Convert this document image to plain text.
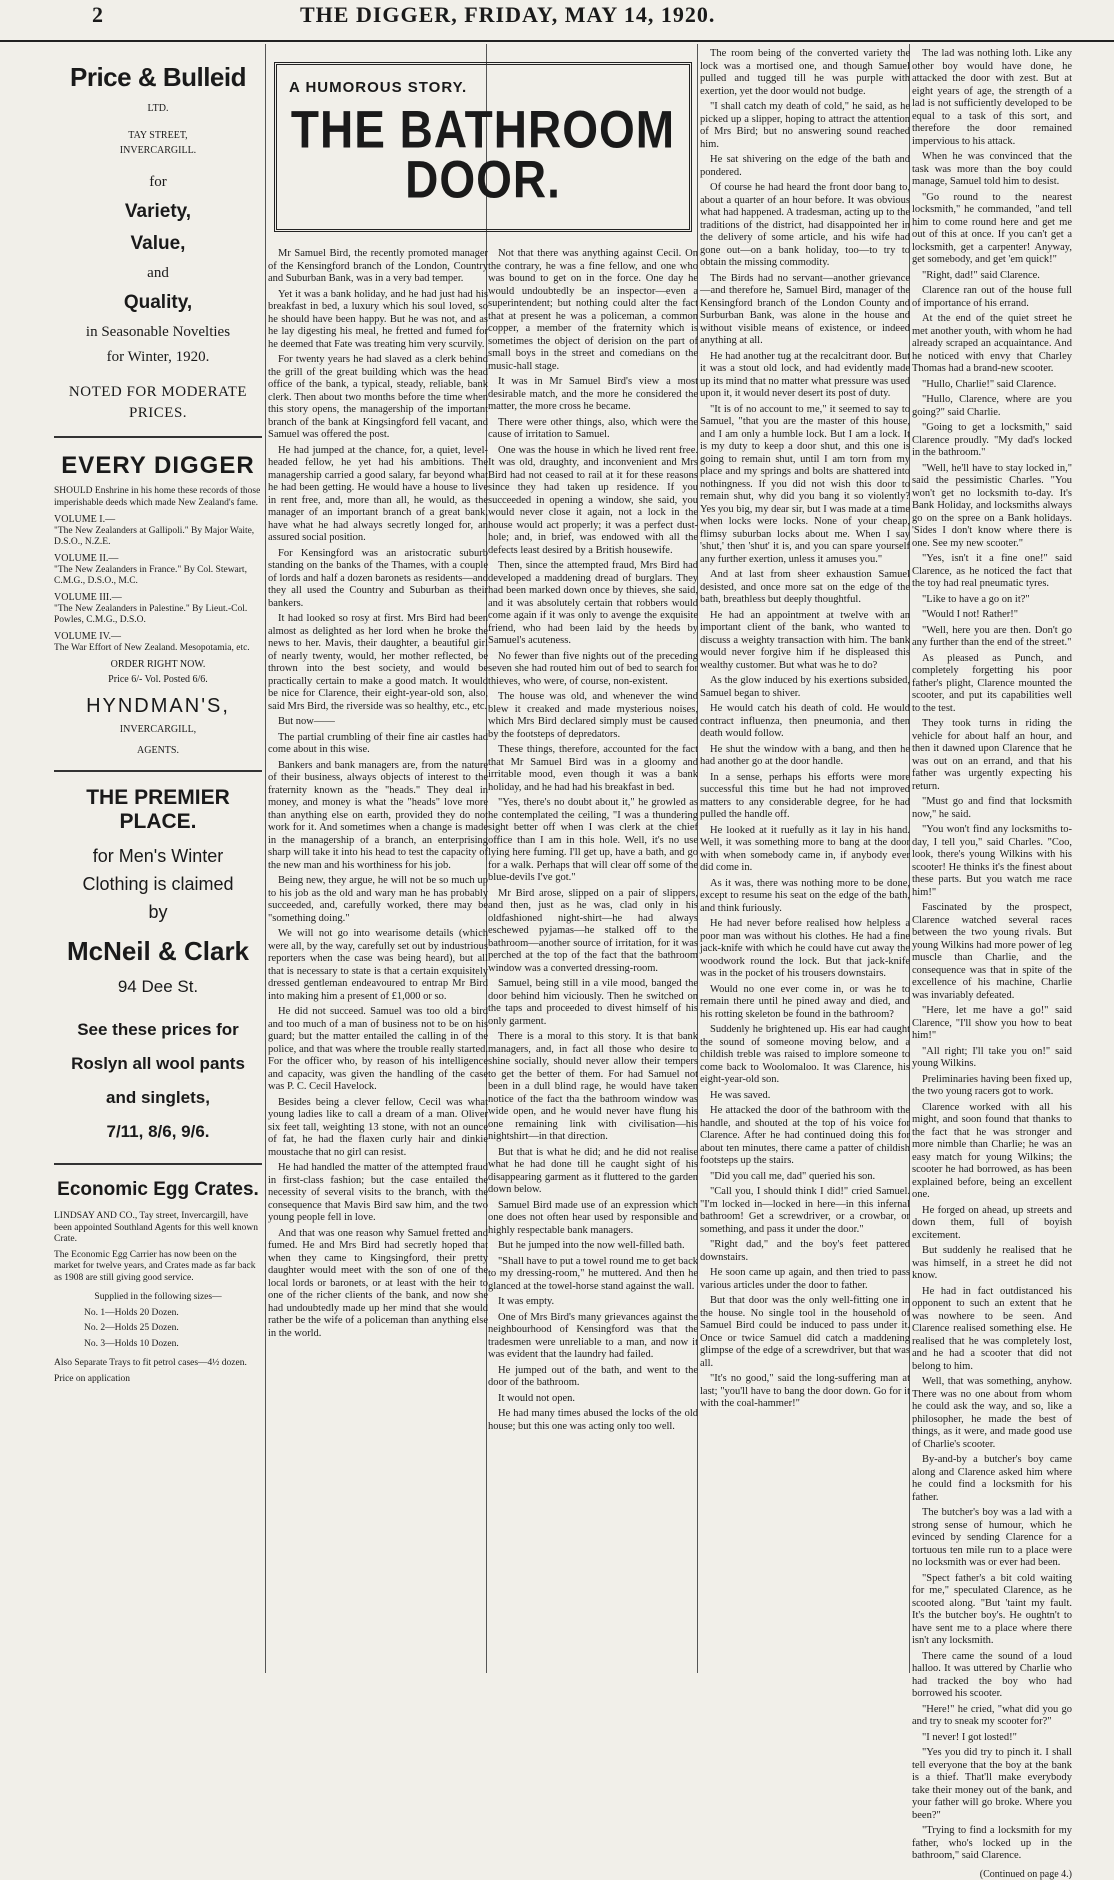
2	THE DIGGER, FRIDAY, MAY 14, 1920.
Price & Bulleid
LTD.
TAY STREET,
INVERCARGILL.
for
Variety,
Value,
and
Quality,
in Seasonable Novelties
for Winter, 1920.
NOTED FOR MODERATE
PRICES.
EVERY DIGGER
SHOULD Enshrine in his home these records of those imperishable deeds which made New Zealand's fame.
VOLUME I.—
"The New Zealanders at Gallipoli." By Major Waite, D.S.O., N.Z.E.
VOLUME II.—
"The New Zealanders in France." By Col. Stewart, C.M.G., D.S.O., M.C.
VOLUME III.—
"The New Zealanders in Palestine." By Lieut.-Col. Powles, C.M.G., D.S.O.
VOLUME IV.—
The War Effort of New Zealand. Mesopotamia, etc.
ORDER RIGHT NOW.
Price 6/- Vol. Posted 6/6.
HYNDMAN'S,
INVERCARGILL,
AGENTS.
THE PREMIER PLACE.
for Men's Winter
Clothing is claimed
by
McNeil & Clark
94 Dee St.
See these prices for
Roslyn all wool pants
and singlets,
7/11, 8/6, 9/6.
Economic Egg Crates.
LINDSAY AND CO., Tay street, Invercargill, have been appointed Southland Agents for this well known Crate.
The Economic Egg Carrier has now been on the market for twelve years, and Crates made as far back as 1908 are still giving good service.
Supplied in the following sizes—
No. 1—Holds 20 Dozen.
No. 2—Holds 25 Dozen.
No. 3—Holds 10 Dozen.
Also Separate Trays to fit petrol cases—4½ dozen.
Price on application
A HUMOROUS STORY.
THE BATHROOM
DOOR.

Mr Samuel Bird, the recently promoted manager of the Kensingford branch of the London, Country and Suburban Bank, was in a very bad temper.

Yet it was a bank holiday, and he had just had his breakfast in bed, a luxury which his soul loved, so he should have been happy. But he was not, and as he lay digesting his meal, he fretted and fumed for he deemed that Fate was treating him very scurvily.

For twenty years he had slaved as a clerk behind the grill of the great building which was the head office of the bank, a typical, steady, reliable, bank clerk. Then about two months before the time when this story opens, the managership of the important branch of the bank at Kingsingford fell vacant, and Samuel was offered the post.

He had jumped at the chance, for, a quiet, level-headed fellow, he yet had his ambitions. The managership carried a good salary, far beyond what he had been getting. He would have a house to live in rent free, and, more than all, he would, as the manager of an important branch of a great bank, have what he had always secretly longed for, an assured social position.

For Kensingford was an aristocratic suburb standing on the banks of the Thames, with a couple of lords and half a dozen baronets as residents—and they all used the Country and Suburban as their bankers.

It had looked so rosy at first. Mrs Bird had been almost as delighted as her lord when he broke the news to her. Mavis, their daughter, a beautiful girl of nearly twenty, would, her mother reflected, be thrown into the best society, and would be practically certain to make a good match. It would be nice for Clarence, their eight-year-old son, also, said Mrs Bird, the riverside was so healthy, etc., etc.

But now——

The partial crumbling of their fine air castles had come about in this wise.

Bankers and bank managers are, from the nature of their business, always objects of interest to the fraternity known as the "heads." They deal in money, and money is what the "heads" love more than anything else on earth, provided they do not work for it. And sometimes when a change is made in the managership of a branch, an enterprising sharp will take it into his head to test the capacity of the new man and his worthiness for his job.

Being new, they argue, he will not be so much up to his job as the old and wary man he has probably succeeded, and, carefully worked, there may be "something doing."

We will not go into wearisome details (which were all, by the way, carefully set out by industrious reporters when the case was being heard), but all that is necessary to state is that a certain exquisitely dressed gentleman endeavoured to entrap Mr Bird into making him a present of £1,000 or so.

He did not succeed. Samuel was too old a bird and too much of a man of business not to be on his guard; but the matter entailed the calling in of the police, and that was where the trouble really started. For the officer who, by reason of his intelligence and capacity, was given the handling of the case was P. C. Cecil Havelock.

Besides being a clever fellow, Cecil was what young ladies like to call a dream of a man. Oliver six feet tall, weighting 13 stone, with not an ounce of fat, he had the flaxen curly hair and dinkie moustache that no girl can resist.

He had handled the matter of the attempted fraud in first-class fashion; but the case entailed the necessity of several visits to the branch, with the consequence that Mavis Bird saw him, and the two young people fell in love.

And that was one reason why Samuel fretted and fumed. He and Mrs Bird had secretly hoped that when they came to Kingsingford, their pretty daughter would meet with the son of one of the local lords or baronets, or at least with the heir to one of the richer clients of the bank, and now she had undoubtedly made up her mind that she would rather be the wife of a policeman than anything else in the world.

Not that there was anything against Cecil. On the contrary, he was a fine fellow, and one who was bound to get on in the force. One day he would undoubtedly be an inspector—even a superintendent; but nothing could alter the fact that at present he was a policeman, a common copper, a member of the fraternity which is sometimes the object of derision on the part of small boys in the street and comedians on the music-hall stage.

It was in Mr Samuel Bird's view a most desirable match, and the more he considered the matter, the more cross he became.

There were other things, also, which were the cause of irritation to Samuel.

One was the house in which he lived rent free. It was old, draughty, and inconvenient and Mrs Bird had not ceased to rail at it for these reasons since they had taken up residence. If you succeeded in opening a window, she said, you would never close it again, not a lock in the house would act properly; it was a perfect dust-hole; and, in brief, was endowed with all the defects least desired by a British housewife.

Then, since the attempted fraud, Mrs Bird had developed a maddening dread of burglars. They had been marked down once by thieves, she said, and it was absolutely certain that robbers would come again if it was only to avenge the exquisite friend, who had been laid by the heeds by Samuel's acuteness.

No fewer than five nights out of the preceding seven she had routed him out of bed to search for thieves, who were, of course, non-existent.

The house was old, and whenever the wind blew it creaked and made mysterious noises, which Mrs Bird declared simply must be caused by the footsteps of depredators.

These things, therefore, accounted for the fact that Mr Samuel Bird was in a gloomy and irritable mood, even though it was a bank holiday, and he had had his breakfast in bed.

"Yes, there's no doubt about it," he growled as he contemplated the ceiling, "I was a thundering sight better off when I was clerk at the chief office than I am in this hole. Well, it's no use lying here fuming. I'll get up, have a bath, and go for a walk. Perhaps that will clear off some of the blue-devils I've got."

Mr Bird arose, slipped on a pair of slippers, and then, just as he was, clad only in his oldfashioned night-shirt—he had always eschewed pyjamas—he stalked off to the bathroom—another source of irritation, for it was perched at the top of the fact that the bathroom window was a converted dressing-room.

Samuel, being still in a vile mood, banged the door behind him viciously. Then he switched on the taps and proceeded to divest himself of his only garment.

There is a moral to this story. It is that bank managers, and, in fact all those who desire to shine socially, should never allow their tempers to get the better of them. For had Samuel not been in a dull blind rage, he would have taken notice of the fact tha the bathroom window was wide open, and he would never have flung his one remaining link with civilisation—his nightshirt—in that direction.

But that is what he did; and he did not realise what he had done till he caught sight of his disappearing garment as it fluttered to the garden down below.

Samuel Bird made use of an expression which one does not often hear used by responsible and highly respectable bank managers.

But he jumped into the now well-filled bath.

"Shall have to put a towel round me to get back to my dressing-room," he muttered. And then he glanced at the towel-horse stand against the wall.

It was empty.

One of Mrs Bird's many grievances against the neighbourhood of Kensingford was that the tradesmen were unreliable to a man, and now it was evident that the laundry had failed.

He jumped out of the bath, and went to the door of the bathroom.

It would not open.

He had many times abused the locks of the old house; but this one was acting only too well.

The room being of the converted variety the lock was a mortised one, and though Samuel pulled and tugged till he was purple with exertion, yet the door would not budge.

"I shall catch my death of cold," he said, as he picked up a slipper, hoping to attract the attention of Mrs Bird; but no answering sound reached him.

He sat shivering on the edge of the bath and pondered.

Of course he had heard the front door bang to, about a quarter of an hour before. It was obvious what had happened. A tradesman, acting up to the traditions of the district, had disappointed her in the delivery of some article, and his wife had gone out—on a bank holiday, too—to try to obtain the missing commodity.

The Birds had no servant—another grievance—and therefore he, Samuel Bird, manager of the Kensingford branch of the London County and Surburban Bank, was alone in the house and without visible means of existence, or indeed anything at all.

He had another tug at the recalcitrant door. But it was a stout old lock, and had evidently made up its mind that no matter what pressure was used upon it, it would never desert its post of duty.

"It is of no account to me," it seemed to say to Samuel, "that you are the master of this house, and I am only a humble lock. But I am a lock. It is my duty to keep a door shut, and this one is going to remain shut, until I am torn from my place and my springs and bolts are shattered into nothingness. If you did not wish this door to remain shut, why did you bang it so violently? Yes you big, my dear sir, but I was made at a time when locks were locks. None of your cheap, flimsy suburban locks about me. When I say 'shut,' then 'shut' it is, and you can spare yourself any further exertion, unless it amuses you."

And at last from sheer exhaustion Samuel desisted, and once more sat on the edge of the bath, breathless but deeply thoughtful.

He had an appointment at twelve with an important client of the bank, who wanted to discuss a weighty transaction with him. The bank would never forgive him if he displeased this wealthy customer. But what was he to do?

As the glow induced by his exertions subsided, Samuel began to shiver.

He would catch his death of cold. He would contract influenza, then pneumonia, and then death would follow.

He shut the window with a bang, and then he had another go at the door handle.

In a sense, perhaps his efforts were more successful this time but he had not improved matters to any considerable degree, for he had pulled the handle off.

He looked at it ruefully as it lay in his hand. Well, it was something more to bang at the door with when somebody came in, if anybody ever did come in.

As it was, there was nothing more to be done, except to resume his seat on the edge of the bath, and think furiously.

He had never before realised how helpless a poor man was without his clothes. He had a fine jack-knife with which he could have cut away the woodwork round the lock. But that jack-knife was in the pocket of his trousers downstairs.

Would no one ever come in, or was he to remain there until he pined away and died, and his rotting skeleton be found in the bathroom?

Suddenly he brightened up. His ear had caught the sound of someone moving below, and a childish treble was raised to implore someone to come back to Woolomaloo. It was Clarence, his eight-year-old son.

He was saved.

He attacked the door of the bathroom with the handle, and shouted at the top of his voice for Clarence. After he had continued doing this for about ten minutes, there came a patter of childish footsteps up the stairs.

"Did you call me, dad" queried his son.

"Call you, I should think I did!" cried Samuel. "I'm locked in—locked in here—in this infernal bathroom! Get a screwdriver, or a crowbar, or something, and pass it under the door."

"Right dad," and the boy's feet pattered downstairs.

He soon came up again, and then tried to pass various articles under the door to father.

But that door was the only well-fitting one in the house. No single tool in the household of Samuel Bird could be induced to pass under it. Once or twice Samuel did catch a maddening glimpse of the edge of a screwdriver, but that was all.

"It's no good," said the long-suffering man at last; "you'll have to bang the door down. Go for it with the coal-hammer!"

The lad was nothing loth. Like any other boy would have done, he attacked the door with zest. But at eight years of age, the strength of a lad is not sufficiently developed to be equal to a task of this sort, and therefore the door remained impervious to his attack.

When he was convinced that the task was more than the boy could manage, Samuel told him to desist.

"Go round to the nearest locksmith," he commanded, "and tell him to come round here and get me out of this at once. If you can't get a locksmith, get a carpenter! Anyway, get somebody, and get 'em quick!"

"Right, dad!" said Clarence.

Clarence ran out of the house full of importance of his errand.

At the end of the quiet street he met another youth, with whom he had already scraped an acquaintance. And he noticed with envy that Charley Thomas had a brand-new scooter.

"Hullo, Charlie!" said Clarence.

"Hullo, Clarence, where are you going?" said Charlie.

"Going to get a locksmith," said Clarence proudly. "My dad's locked in the bathroom."

"Well, he'll have to stay locked in," said the pessimistic Charles. "You won't get no locksmith to-day. It's Bank Holiday, and locksmiths always go on the spree on a Bank holidays. 'Sides I don't know where there is one. See my new scooter."

"Yes, isn't it a fine one!" said Clarence, as he noticed the fact that the toy had real pneumatic tyres.

"Like to have a go on it?"

"Would I not! Rather!"

"Well, here you are then. Don't go any further than the end of the street."

As pleased as Punch, and completely forgetting his poor father's plight, Clarence mounted the scooter, and put its capabilities well to the test.

They took turns in riding the vehicle for about half an hour, and then it dawned upon Clarence that he was out on an errand, and that his father was urgently expecting his return.

"Must go and find that locksmith now," he said.

"You won't find any locksmiths to-day, I tell you," said Charles. "Coo, look, there's young Wilkins with his scooter! He thinks it's the finest about these parts. But you watch me race him!"

Fascinated by the prospect, Clarence watched several races between the two young rivals. But young Wilkins had more power of leg muscle than Charlie, and the consequence was that in spite of the excellence of his machine, Charlie was invariably defeated.

"Here, let me have a go!" said Clarence, "I'll show you how to beat him!"

"All right; I'll take you on!" said young Wilkins.

Preliminaries having been fixed up, the two young racers got to work.

Clarence worked with all his might, and soon found that thanks to the fact that he was stronger and more nimble than Charlie; he was an easy match for young Wilkins; the scooter he had borrowed, as has been explained before, being an excellent one.

He forged on ahead, up streets and down them, full of boyish excitement.

But suddenly he realised that he was himself, in a street he did not know.

He had in fact outdistanced his opponent to such an extent that he was nowhere to be seen. And Clarence realised something else. He realised that he was completely lost, and he had a scooter that did not belong to him.

Well, that was something, anyhow. There was no one about from whom he could ask the way, and so, like a philosopher, he made the best of things, as it were, and made good use of Charlie's scooter.

By-and-by a butcher's boy came along and Clarence asked him where he could find a locksmith for his father.

The butcher's boy was a lad with a strong sense of humour, which he evinced by sending Clarence for a tortuous ten mile run to a place were no locksmith was or ever had been.

"Spect father's a bit cold waiting for me," speculated Clarence, as he scooted along. "But 'taint my fault. It's the butcher boy's. He oughtn't to have sent me to a place where there isn't any locksmith.

There came the sound of a loud halloo. It was uttered by Charlie who had tracked the boy who had borrowed his scooter.

"Here!" he cried, "what did you go and try to sneak my scooter for?"

"I never! I got losted!"

"Yes you did try to pinch it. I shall tell everyone that the boy at the bank is a thief. That'll make everybody take their money out of the bank, and your father will go broke. Where you been?"

"Trying to find a locksmith for my father, who's locked up in the bathroom," said Clarence.

(Continued on page 4.)
